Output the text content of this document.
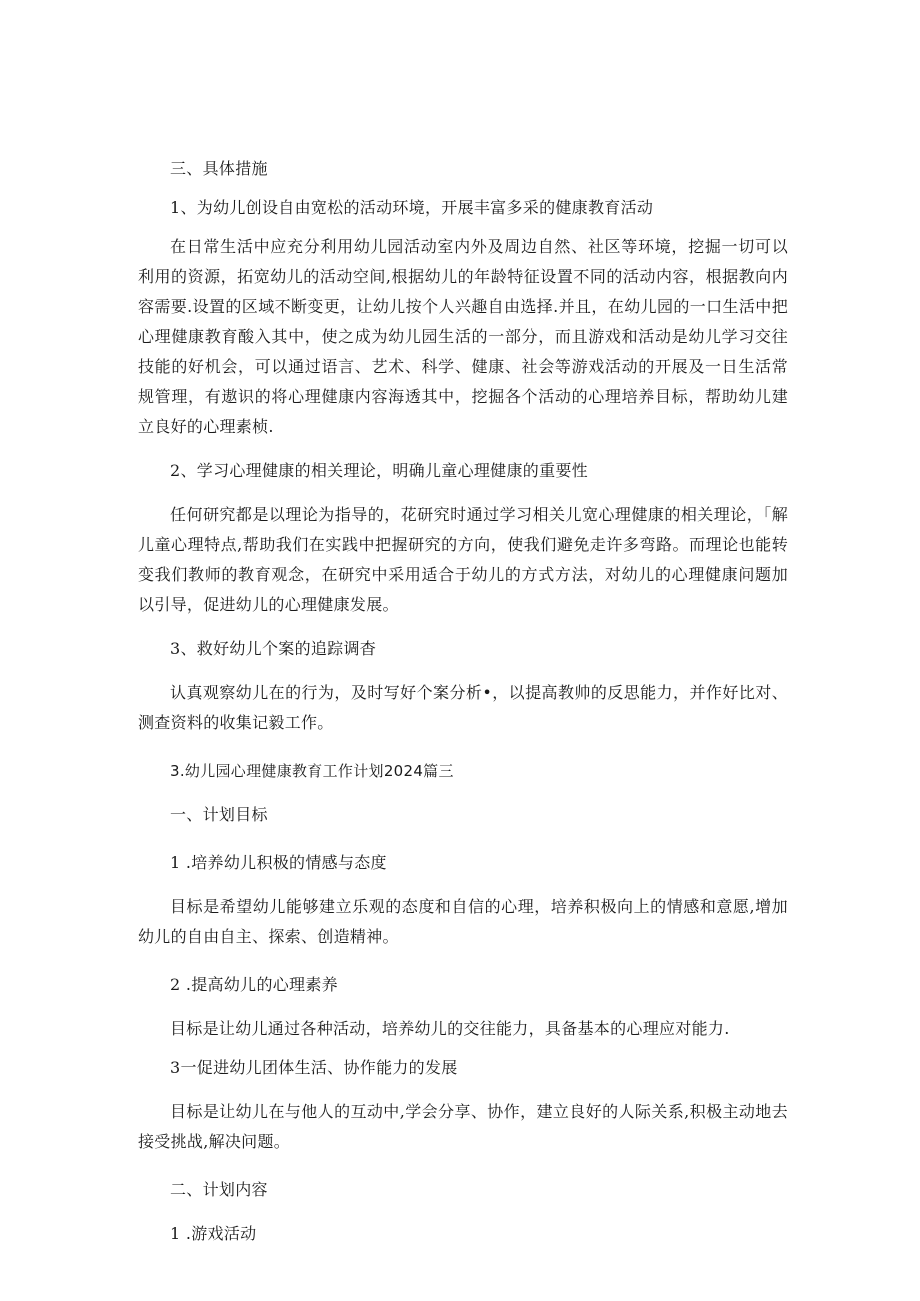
三、具体措施

1、为幼儿创设自由宽松的活动环境，开展丰富多采的健康教育活动

在日常生活中应充分利用幼儿园活动室内外及周边自然、社区等环境，挖掘一切可以利用的资源，拓宽幼儿的活动空间,根据幼儿的年龄特征设置不同的活动内容，根据教向内容需要.设置的区域不断变更，让幼儿按个人兴趣自由选择.并且，在幼儿园的一口生活中把心理健康教育酸入其中，使之成为幼儿园生活的一部分，而且游戏和活动是幼儿学习交往技能的好机会，可以通过语言、艺术、科学、健康、社会等游戏活动的开展及一日生活常规管理，有遨识的将心理健康内容海透其中，挖掘各个活动的心理培养目标，帮助幼儿建立良好的心理素桢.

2、学习心理健康的相关理论，明确儿童心理健康的重要性

任何研究都是以理论为指导的，花研究时通过学习相关儿宽心理健康的相关理论，「解儿童心理特点,帮助我们在实践中把握研究的方向，使我们避免走许多弯路。而理论也能转变我们教师的教育观念，在研究中采用适合于幼儿的方式方法，对幼儿的心理健康问题加以引导，促进幼儿的心理健康发展。

3、救好幼儿个案的追踪调杳

认真观察幼儿在的行为，及时写好个案分析•，以提高教帅的反思能力，并作好比对、测查资料的收集记毅工作。

3.幼儿园心理健康教育工作计划2024篇三

一、计划目标

1 .培养幼儿积极的情感与态度

目标是希望幼儿能够建立乐观的态度和自信的心理，培养积极向上的情感和意愿,增加幼儿的自由自主、探索、创造精神。

2 .提高幼儿的心理素养

目标是让幼儿通过各种活动，培养幼儿的交往能力，具备基本的心理应对能力.

3一促进幼儿团体生活、协作能力的发展

目标是让幼儿在与他人的互动中,学会分享、协作，建立良好的人际关系,积极主动地去接受挑战,解决问题。

二、计划内容

1 .游戏活动
